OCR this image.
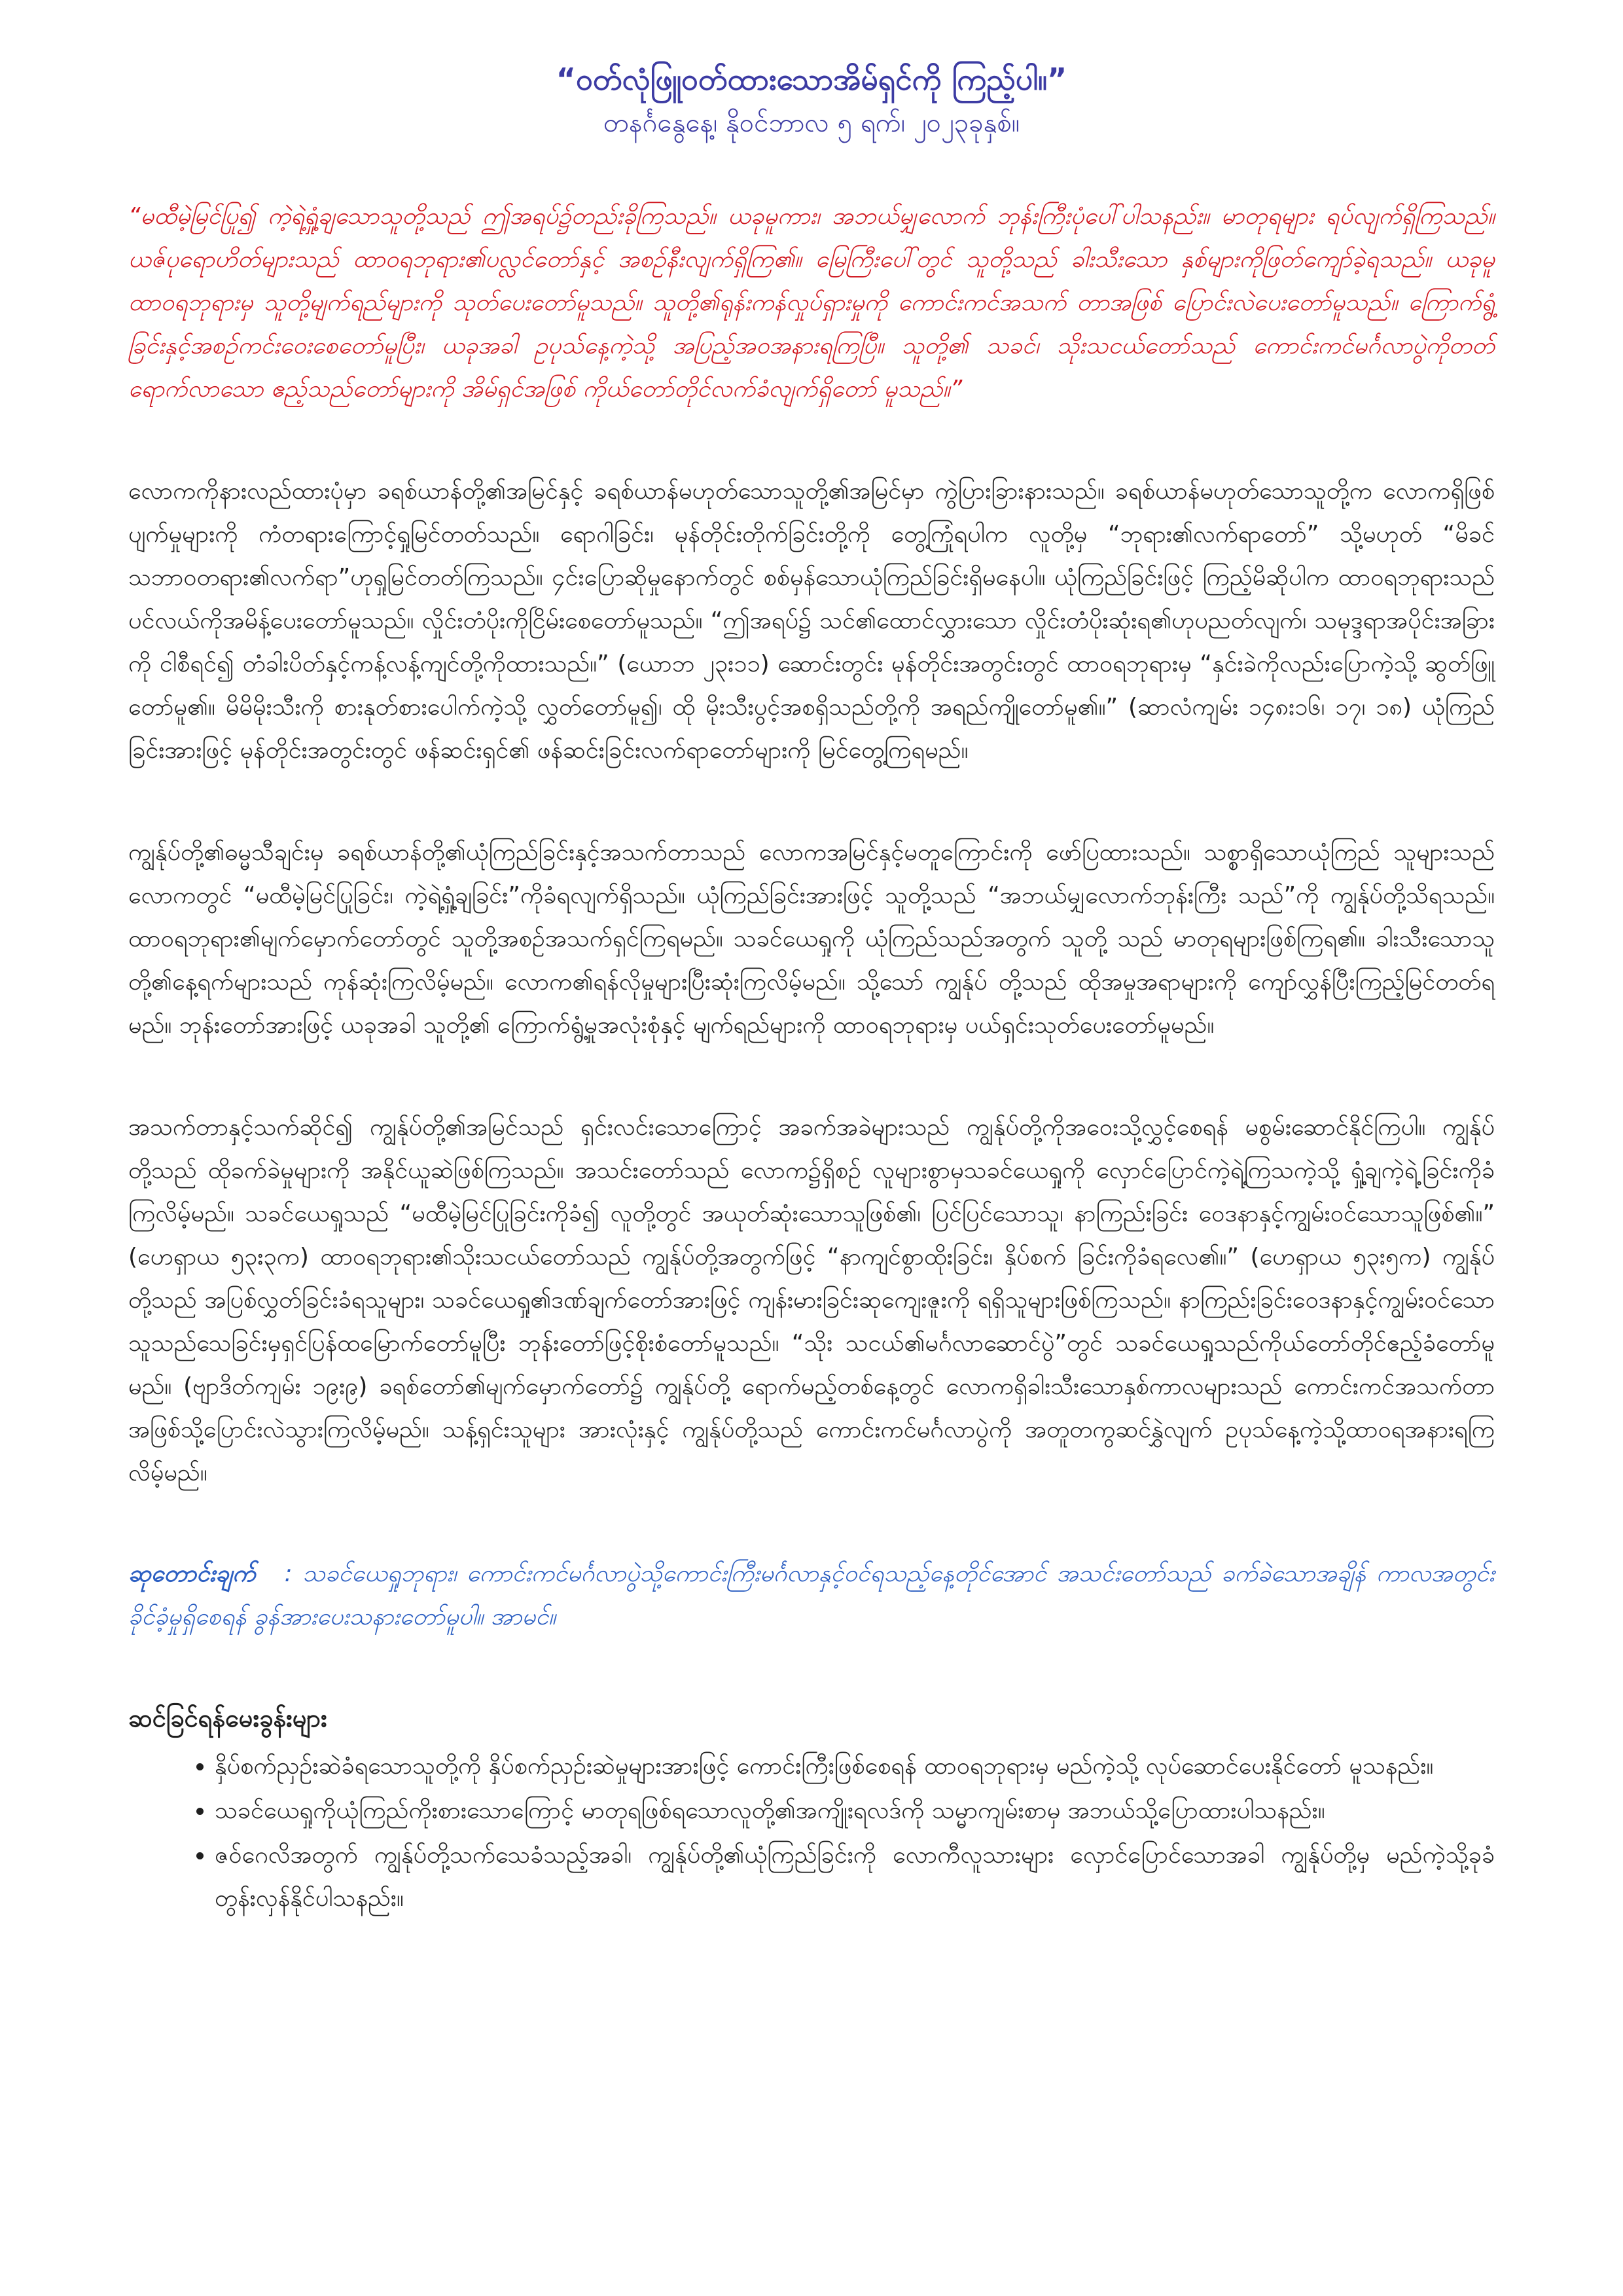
“ဝတ်လုံဖြူဝတ်ထားသောအိမ်ရှင်ကို ကြည့်ပါ။”
တနင်္ဂနွေနေ့၊ နိုဝင်ဘာလ ၅ ရက်၊ ၂၀၂၃ခုနှစ်။

“မထီမဲ့မြင်ပြု၍ ကဲ့ရဲ့ရှုံ့ချသောသူတို့သည် ဤအရပ်၌တည်းခိုကြသည်။ ယခုမူကား၊ အဘယ်မျှလောက် ဘုန်းကြီးပုံပေါ်ပါသနည်း။ မာတုရများ ရပ်လျက်ရှိကြသည်။ ယဇ်ပုရောဟိတ်များသည် ထာဝရဘုရား၏ပလ္လင်တော်နှင့် အစဉ်နီးလျက်ရှိကြ၏။ မြေကြီးပေါ်တွင် သူတို့သည် ခါးသီးသော နှစ်များကိုဖြတ်ကျော်ခဲ့ရသည်။ ယခုမူ ထာဝရဘုရားမှ သူတို့မျက်ရည်များကို သုတ်ပေးတော်မူသည်။ သူတို့၏ရုန်းကန်လှုပ်ရှားမှုကို ကောင်းကင်အသက် တာအဖြစ် ပြောင်းလဲပေးတော်မူသည်။ ကြောက်ရွံ့ခြင်းနှင့်အစဉ်ကင်းဝေးစေတော်မူပြီး၊ ယခုအခါ ဥပုသ်နေ့ကဲ့သို့ အပြည့်အဝအနားရကြပြီ။ သူတို့၏ သခင်၊ သိုးသငယ်တော်သည် ကောင်းကင်မင်္ဂလာပွဲကိုတတ်ရောက်လာသော ဧည့်သည်တော်များကို အိမ်ရှင်အဖြစ် ကိုယ်တော်တိုင်လက်ခံလျက်ရှိတော် မူသည်။”

လောကကိုနားလည်ထားပုံမှာ ခရစ်ယာန်တို့၏အမြင်နှင့် ခရစ်ယာန်မဟုတ်သောသူတို့၏အမြင်မှာ ကွဲပြားခြားနားသည်။ ခရစ်ယာန်မဟုတ်သောသူတို့က လောကရှိဖြစ်ပျက်မှုများကို ကံတရားကြောင့်ရှုမြင်တတ်သည်။ ရောဂါခြင်း၊ မုန်တိုင်းတိုက်ခြင်းတို့ကို တွေ့ကြုံရပါက လူတို့မှ “ဘုရား၏လက်ရာတော်” သို့မဟုတ် “မိခင်သဘာဝတရား၏လက်ရာ”ဟုရှုမြင်တတ်ကြသည်။ ၄င်းပြောဆိုမှုနောက်တွင် စစ်မှန်သောယုံကြည်ခြင်းရှိမနေပါ။ ယုံကြည်ခြင်းဖြင့် ကြည့်မိဆိုပါက ထာဝရဘုရားသည် ပင်လယ်ကိုအမိန့်ပေးတော်မူသည်။ လှိုင်းတံပိုးကိုငြိမ်းစေတော်မူသည်။ “ဤအရပ်၌ သင်၏ထောင်လွှားသော လှိုင်းတံပိုးဆုံးရ၏ဟုပညတ်လျက်၊ သမုဒ္ဒရာအပိုင်းအခြားကို ငါစီရင်၍ တံခါးပိတ်နှင့်ကန့်လန့်ကျင်တို့ကိုထားသည်။” (ယောဘ ၂၃း၁၁) ဆောင်းတွင်း မုန်တိုင်းအတွင်းတွင် ထာဝရဘုရားမှ “နှင်းခဲကိုလည်းပြောကဲ့သို့ ဆွတ်ဖြူတော်မူ၏။ မိမိမိုးသီးကို စားနုတ်စားပေါက်ကဲ့သို့ လွှတ်တော်မူ၍၊ ထို မိုးသီးပွင့်အစရှိသည်တို့ကို အရည်ကျိုတော်မူ၏။” (ဆာလံကျမ်း ၁၄၈း၁၆၊ ၁၇၊ ၁၈) ယုံကြည်ခြင်းအားဖြင့် မုန်တိုင်းအတွင်းတွင် ဖန်ဆင်းရှင်၏ ဖန်ဆင်းခြင်းလက်ရာတော်များကို မြင်တွေ့ကြရမည်။

ကျွန်ုပ်တို့၏ဓမ္မသီချင်းမှ ခရစ်ယာန်တို့၏ယုံကြည်ခြင်းနှင့်အသက်တာသည် လောကအမြင်နှင့်မတူကြောင်းကို ဖော်ပြထားသည်။ သစ္စာရှိသောယုံကြည် သူများသည် လောကတွင် “မထီမဲ့မြင်ပြုခြင်း၊ ကဲ့ရဲ့ရှုံ့ချခြင်း”ကိုခံရလျက်ရှိသည်။ ယုံကြည်ခြင်းအားဖြင့် သူတို့သည် “အဘယ်မျှလောက်ဘုန်းကြီး သည်”ကို ကျွန်ုပ်တို့သိရသည်။ ထာဝရဘုရား၏မျက်မှောက်တော်တွင် သူတို့အစဉ်အသက်ရှင်ကြရမည်။ သခင်ယေရှုကို ယုံကြည်သည်အတွက် သူတို့ သည် မာတုရများဖြစ်ကြရ၏။ ခါးသီးသောသူတို့၏နေ့ရက်များသည် ကုန်ဆုံးကြလိမ့်မည်။ လောက၏ရန်လိုမှုများပြီးဆုံးကြလိမ့်မည်။ သို့သော် ကျွန်ုပ် တို့သည် ထိုအမှုအရာများကို ကျော်လွှန်ပြီးကြည့်မြင်တတ်ရမည်။ ဘုန်းတော်အားဖြင့် ယခုအခါ သူတို့၏ ကြောက်ရွံ့မှုအလုံးစုံနှင့် မျက်ရည်များကို ထာဝရဘုရားမှ ပယ်ရှင်းသုတ်ပေးတော်မူမည်။

အသက်တာနှင့်သက်ဆိုင်၍ ကျွန်ုပ်တို့၏အမြင်သည် ရှင်းလင်းသောကြောင့် အခက်အခဲများသည် ကျွန်ုပ်တို့ကိုအဝေးသို့လွှင့်စေရန် မစွမ်းဆောင်နိုင်ကြပါ။ ကျွန်ုပ်တို့သည် ထိုခက်ခဲမှုများကို အနိုင်ယူဆဲဖြစ်ကြသည်။ အသင်းတော်သည် လောက၌ရှိစဉ် လူများစွာမှသခင်ယေရှုကို လှောင်ပြောင်ကဲ့ရဲ့ကြသကဲ့သို့ ရှုံ့ချကဲ့ရဲ့ခြင်းကိုခံကြလိမ့်မည်။ သခင်ယေရှုသည် “မထီမဲ့မြင်ပြုခြင်းကိုခံ၍ လူတို့တွင် အယုတ်ဆုံးသောသူဖြစ်၏၊ ပြင်ပြင်သောသူ၊ နာကြည်းခြင်း ဝေဒနာနှင့်ကျွမ်းဝင်သောသူဖြစ်၏။” (ဟေရှာယ ၅၃း၃က) ထာဝရဘုရား၏သိုးသငယ်တော်သည် ကျွန်ုပ်တို့အတွက်ဖြင့် “နာကျင်စွာထိုးခြင်း၊ နှိပ်စက် ခြင်းကိုခံရလေ၏။” (ဟေရှာယ ၅၃း၅က) ကျွန်ုပ်တို့သည် အပြစ်လွှတ်ခြင်းခံရသူများ၊ သခင်ယေရှု၏ဒဏ်ချက်တော်အားဖြင့် ကျန်းမားခြင်းဆုကျေးဇူးကို ရရှိသူများဖြစ်ကြသည်။ နာကြည်းခြင်းဝေဒနာနှင့်ကျွမ်းဝင်သော သူသည်သေခြင်းမှရှင်ပြန်ထမြောက်တော်မူပြီး ဘုန်းတော်ဖြင့်စိုးစံတော်မူသည်။ “သိုး သငယ်၏မင်္ဂလာဆောင်ပွဲ”တွင် သခင်ယေရှုသည်ကိုယ်တော်တိုင်ဧည့်ခံတော်မူမည်။ (ဗျာဒိတ်ကျမ်း ၁၉း၉) ခရစ်တော်၏မျက်မှောက်တော်၌ ကျွန်ုပ်တို့ ရောက်မည့်တစ်နေ့တွင် လောကရှိခါးသီးသောနှစ်ကာလများသည် ကောင်းကင်အသက်တာအဖြစ်သို့ပြောင်းလဲသွားကြလိမ့်မည်။ သန့်ရှင်းသူများ အားလုံးနှင့် ကျွန်ုပ်တို့သည် ကောင်းကင်မင်္ဂလာပွဲကို အတူတကွဆင်နွှဲလျက် ဥပုသ်နေ့ကဲ့သို့ထာဝရအနားရကြလိမ့်မည်။

ဆုတောင်းချက် : သခင်ယေရှုဘုရား၊ ကောင်းကင်မင်္ဂလာပွဲသို့ကောင်းကြီးမင်္ဂလာနှင့်ဝင်ရသည့်နေ့တိုင်အောင် အသင်းတော်သည် ခက်ခဲသောအချိန် ကာလအတွင်း ခိုင်ခံ့မှုရှိစေရန် ခွန်အားပေးသနားတော်မူပါ။ အာမင်။

ဆင်ခြင်ရန်မေးခွန်းများ
• နှိပ်စက်ညှဉ်းဆဲခံရသောသူတို့ကို နှိပ်စက်ညှဉ်းဆဲမှုများအားဖြင့် ကောင်းကြီးဖြစ်စေရန် ထာဝရဘုရားမှ မည်ကဲ့သို့ လုပ်ဆောင်ပေးနိုင်တော် မူသနည်း။
• သခင်ယေရှုကိုယုံကြည်ကိုးစားသောကြောင့် မာတုရဖြစ်ရသောလူတို့၏အကျိုးရလဒ်ကို သမ္မာကျမ်းစာမှ အဘယ်သို့ပြောထားပါသနည်း။
• ဇဝ်ဂေလိအတွက် ကျွန်ုပ်တို့သက်သေခံသည့်အခါ၊ ကျွန်ုပ်တို့၏ယုံကြည်ခြင်းကို လောကီလူသားများ လှောင်ပြောင်သောအခါ ကျွန်ုပ်တို့မှ မည်ကဲ့သို့ခုခံတွန်းလှန်နိုင်ပါသနည်း။
